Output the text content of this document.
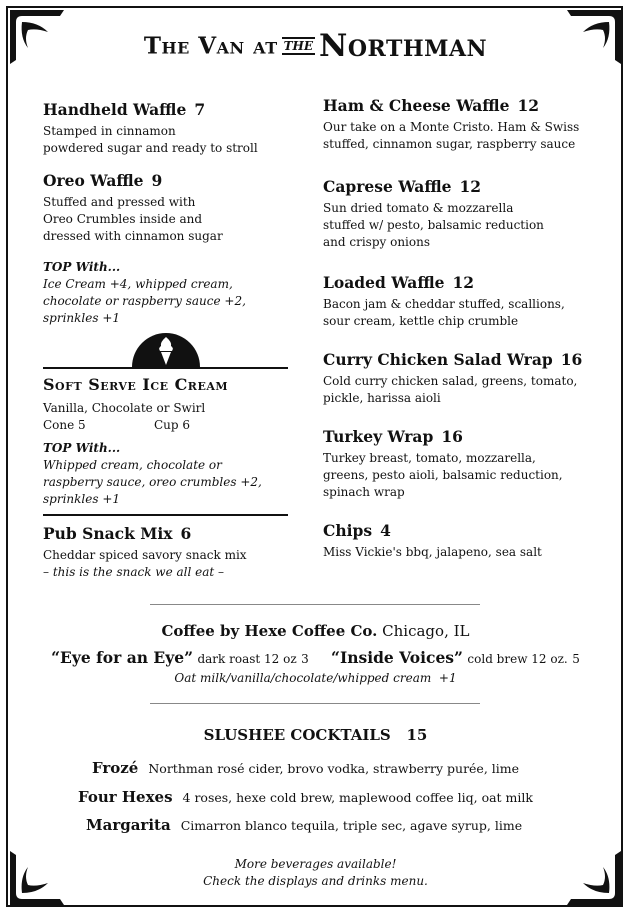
The Van at THE Northman
Handheld Waffle 7
Stamped in cinnamon
powdered sugar and ready to stroll
Oreo Waffle 9
Stuffed and pressed with
Oreo Crumbles inside and
dressed with cinnamon sugar
TOP With...
Ice Cream +4, whipped cream,
chocolate or raspberry sauce +2,
sprinkles +1
Soft Serve Ice Cream
Vanilla, Chocolate or Swirl
Cone 5	Cup 6
TOP With...
Whipped cream, chocolate or
raspberry sauce, oreo crumbles +2,
sprinkles +1
Pub Snack Mix 6
Cheddar spiced savory snack mix
– this is the snack we all eat –
Ham & Cheese Waffle 12
Our take on a Monte Cristo. Ham & Swiss
stuffed, cinnamon sugar, raspberry sauce
Caprese Waffle 12
Sun dried tomato & mozzarella
stuffed w/ pesto, balsamic reduction
and crispy onions
Loaded Waffle 12
Bacon jam & cheddar stuffed, scallions,
sour cream, kettle chip crumble
Curry Chicken Salad Wrap 16
Cold curry chicken salad, greens, tomato,
pickle, harissa aioli
Turkey Wrap 16
Turkey breast, tomato, mozzarella,
greens, pesto aioli, balsamic reduction,
spinach wrap
Chips 4
Miss Vickie's bbq, jalapeno, sea salt
Coffee by Hexe Coffee Co. Chicago, IL
“Eye for an Eye” dark roast 12 oz 3 “Inside Voices” cold brew 12 oz. 5
Oat milk/vanilla/chocolate/whipped cream +1
SLUSHEE COCKTAILS 15
Frozé Northman rosé cider, brovo vodka, strawberry purée, lime
Four Hexes 4 roses, hexe cold brew, maplewood coffee liq, oat milk
Margarita Cimarron blanco tequila, triple sec, agave syrup, lime
More beverages available!
Check the displays and drinks menu.
